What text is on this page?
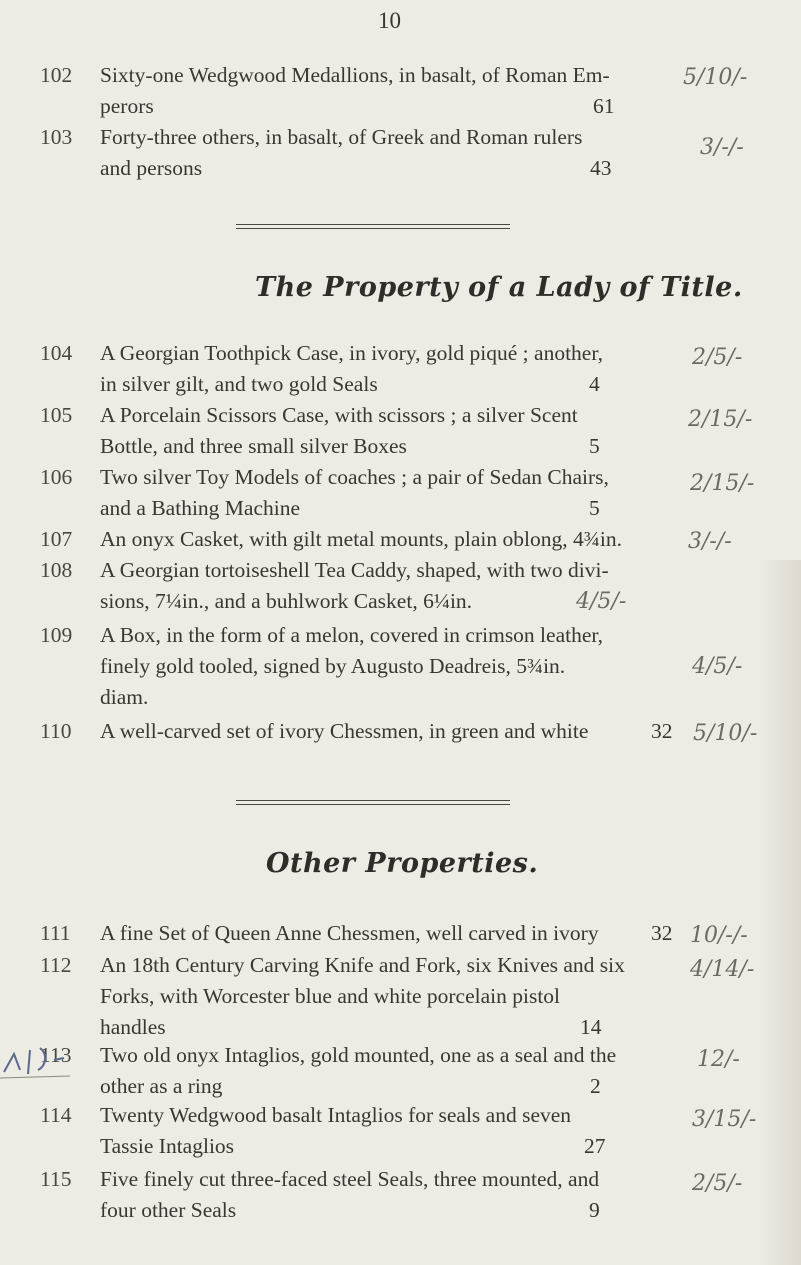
10
102 Sixty-one Wedgwood Medallions, in basalt, of Roman Em-
perors	61
5/10/-
103 Forty-three others, in basalt, of Greek and Roman rulers
and persons	43
3/-/-
The Property of a Lady of Title.
104 A Georgian Toothpick Case, in ivory, gold piqué ; another,
in silver gilt, and two gold Seals	4
2/5/-
105 A Porcelain Scissors Case, with scissors ; a silver Scent
Bottle, and three small silver Boxes	5
2/15/-
106 Two silver Toy Models of coaches ; a pair of Sedan Chairs,
and a Bathing Machine	5
2/15/-
107 An onyx Casket, with gilt metal mounts, plain oblong, 4¾in.	3/-/-
108 A Georgian tortoiseshell Tea Caddy, shaped, with two divi-
sions, 7¼in., and a buhlwork Casket, 6¼in.	4/5/-
109 A Box, in the form of a melon, covered in crimson leather,
finely gold tooled, signed by Augusto Deadreis, 5¾in.
diam.
4/5/-
110 A well-carved set of ivory Chessmen, in green and white	32 5/10/-
Other Properties.
111 A fine Set of Queen Anne Chessmen, well carved in ivory 32 10/-/-
112 An 18th Century Carving Knife and Fork, six Knives and six
Forks, with Worcester blue and white porcelain pistol
handles	14
4/14/-
113 Two old onyx Intaglios, gold mounted, one as a seal and the
other as a ring	2
12/-
114 Twenty Wedgwood basalt Intaglios for seals and seven
Tassie Intaglios	27
3/15/-
115 Five finely cut three-faced steel Seals, three mounted, and
four other Seals	9
2/5/-
